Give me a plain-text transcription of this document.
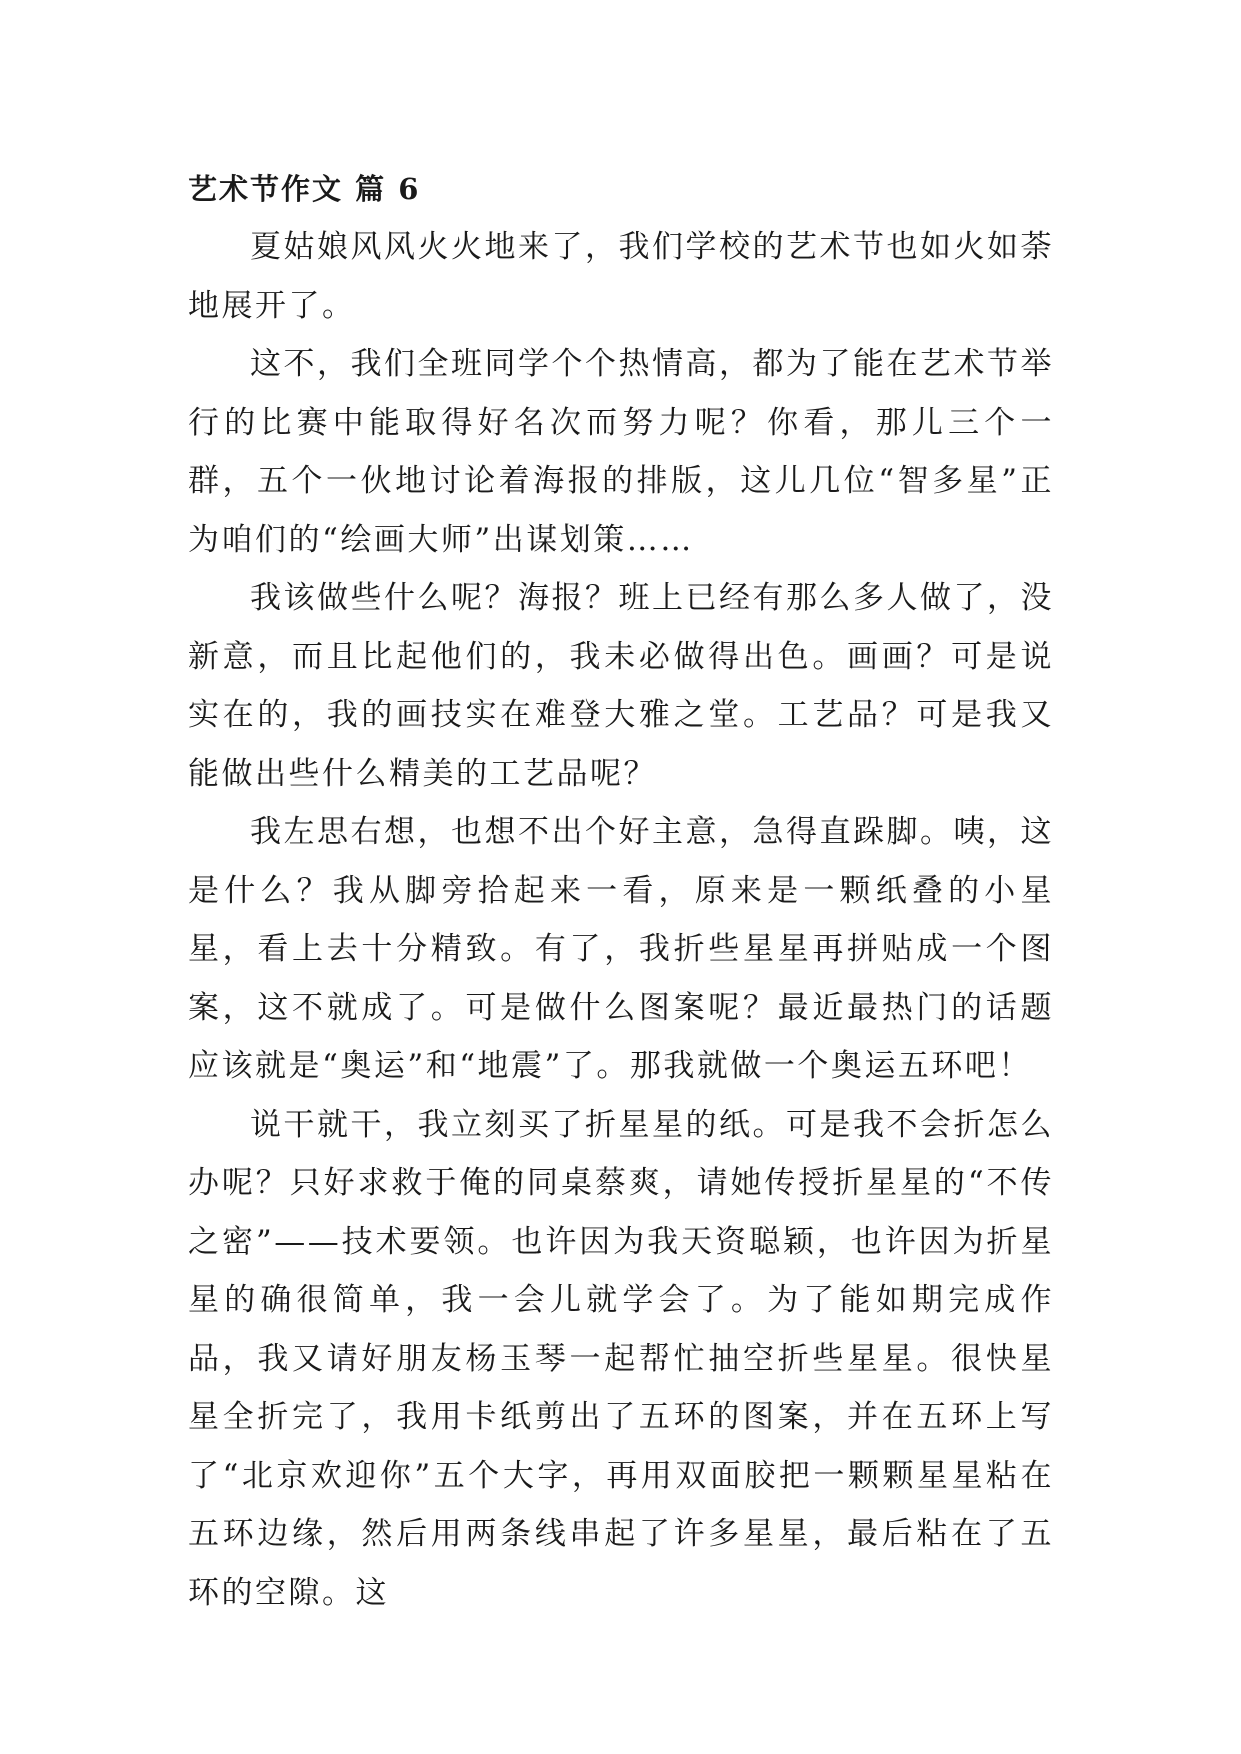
艺术节作文 篇 6

夏姑娘风风火火地来了，我们学校的艺术节也如火如荼地展开了。

这不，我们全班同学个个热情高，都为了能在艺术节举行的比赛中能取得好名次而努力呢？你看，那儿三个一群，五个一伙地讨论着海报的排版，这儿几位“智多星”正为咱们的“绘画大师”出谋划策……

我该做些什么呢？海报？班上已经有那么多人做了，没新意，而且比起他们的，我未必做得出色。画画？可是说实在的，我的画技实在难登大雅之堂。工艺品？可是我又能做出些什么精美的工艺品呢？

我左思右想，也想不出个好主意，急得直跺脚。咦，这是什么？我从脚旁拾起来一看，原来是一颗纸叠的小星星，看上去十分精致。有了，我折些星星再拼贴成一个图案，这不就成了。可是做什么图案呢？最近最热门的话题应该就是“奥运”和“地震”了。那我就做一个奥运五环吧！

说干就干，我立刻买了折星星的纸。可是我不会折怎么办呢？只好求救于俺的同桌蔡爽，请她传授折星星的“不传之密”——技术要领。也许因为我天资聪颖，也许因为折星星的确很简单，我一会儿就学会了。为了能如期完成作品，我又请好朋友杨玉琴一起帮忙抽空折些星星。很快星星全折完了，我用卡纸剪出了五环的图案，并在五环上写了“北京欢迎你”五个大字，再用双面胶把一颗颗星星粘在五环边缘，然后用两条线串起了许多星星，最后粘在了五环的空隙。这
